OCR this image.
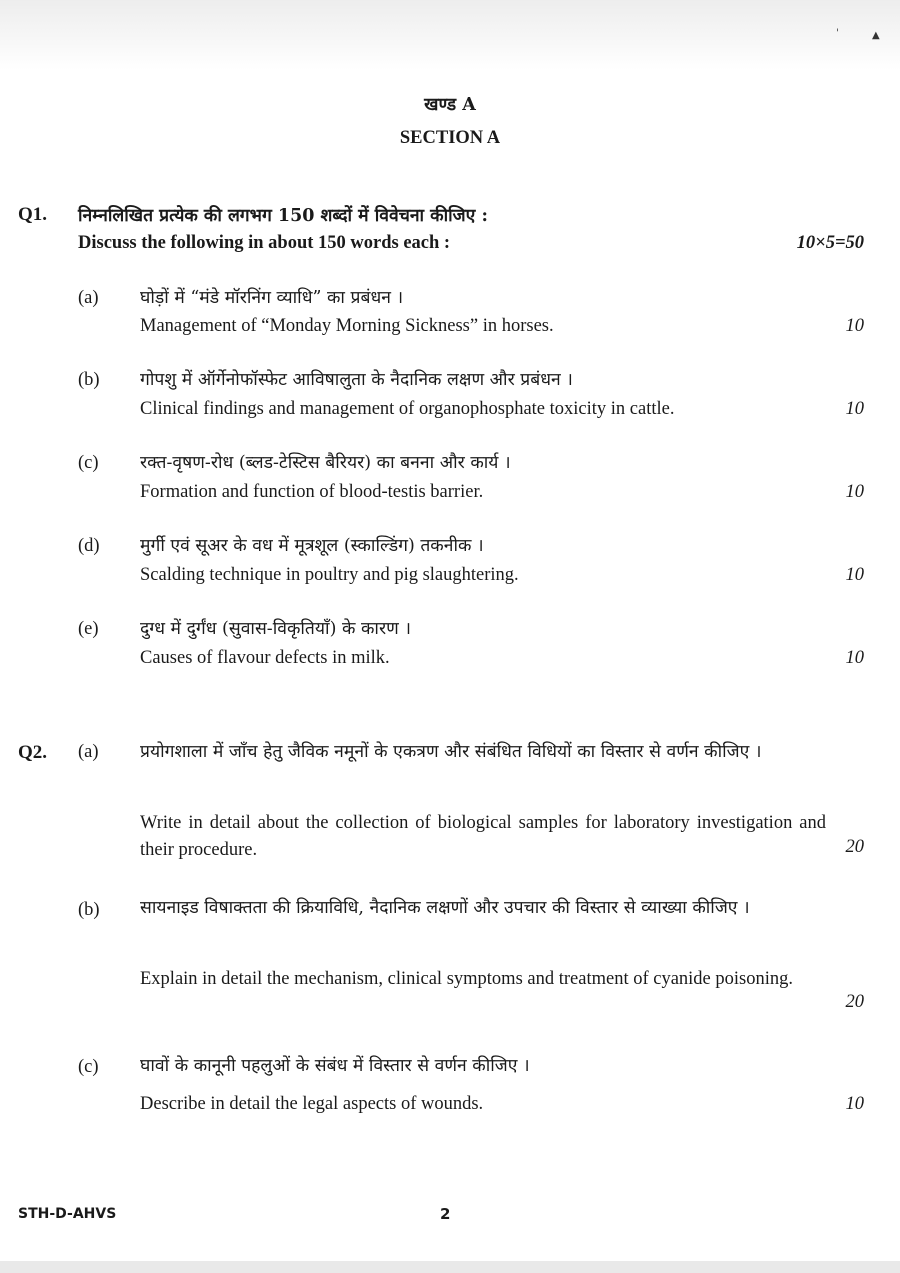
'	▲
खण्ड A
SECTION A
Q1. निम्नलिखित प्रत्येक की लगभग 150 शब्दों में विवेचना कीजिए :
Discuss the following in about 150 words each :	10×5=50
(a) घोड़ों में “मंडे मॉरनिंग व्याधि” का प्रबंधन ।
Management of “Monday Morning Sickness” in horses.	10
(b) गोपशु में ऑर्गेनोफॉस्फेट आविषालुता के नैदानिक लक्षण और प्रबंधन ।
Clinical findings and management of organophosphate toxicity in cattle.	10
(c) रक्त-वृषण-रोध (ब्लड-टेस्टिस बैरियर) का बनना और कार्य ।
Formation and function of blood-testis barrier.	10
(d) मुर्गी एवं सूअर के वध में मूत्रशूल (स्काल्डिंग) तकनीक ।
Scalding technique in poultry and pig slaughtering.	10
(e) दुग्ध में दुर्गंध (सुवास-विकृतियाँ) के कारण ।
Causes of flavour defects in milk.	10
Q2. (a) प्रयोगशाला में जाँच हेतु जैविक नमूनों के एकत्रण और संबंधित विधियों का विस्तार से वर्णन कीजिए ।
Write in detail about the collection of biological samples for laboratory investigation and their procedure.	20
(b) सायनाइड विषाक्तता की क्रियाविधि, नैदानिक लक्षणों और उपचार की विस्तार से व्याख्या कीजिए ।
Explain in detail the mechanism, clinical symptoms and treatment of cyanide poisoning.
20
(c) घावों के कानूनी पहलुओं के संबंध में विस्तार से वर्णन कीजिए ।
Describe in detail the legal aspects of wounds.	10
STH-D-AHVS	2
